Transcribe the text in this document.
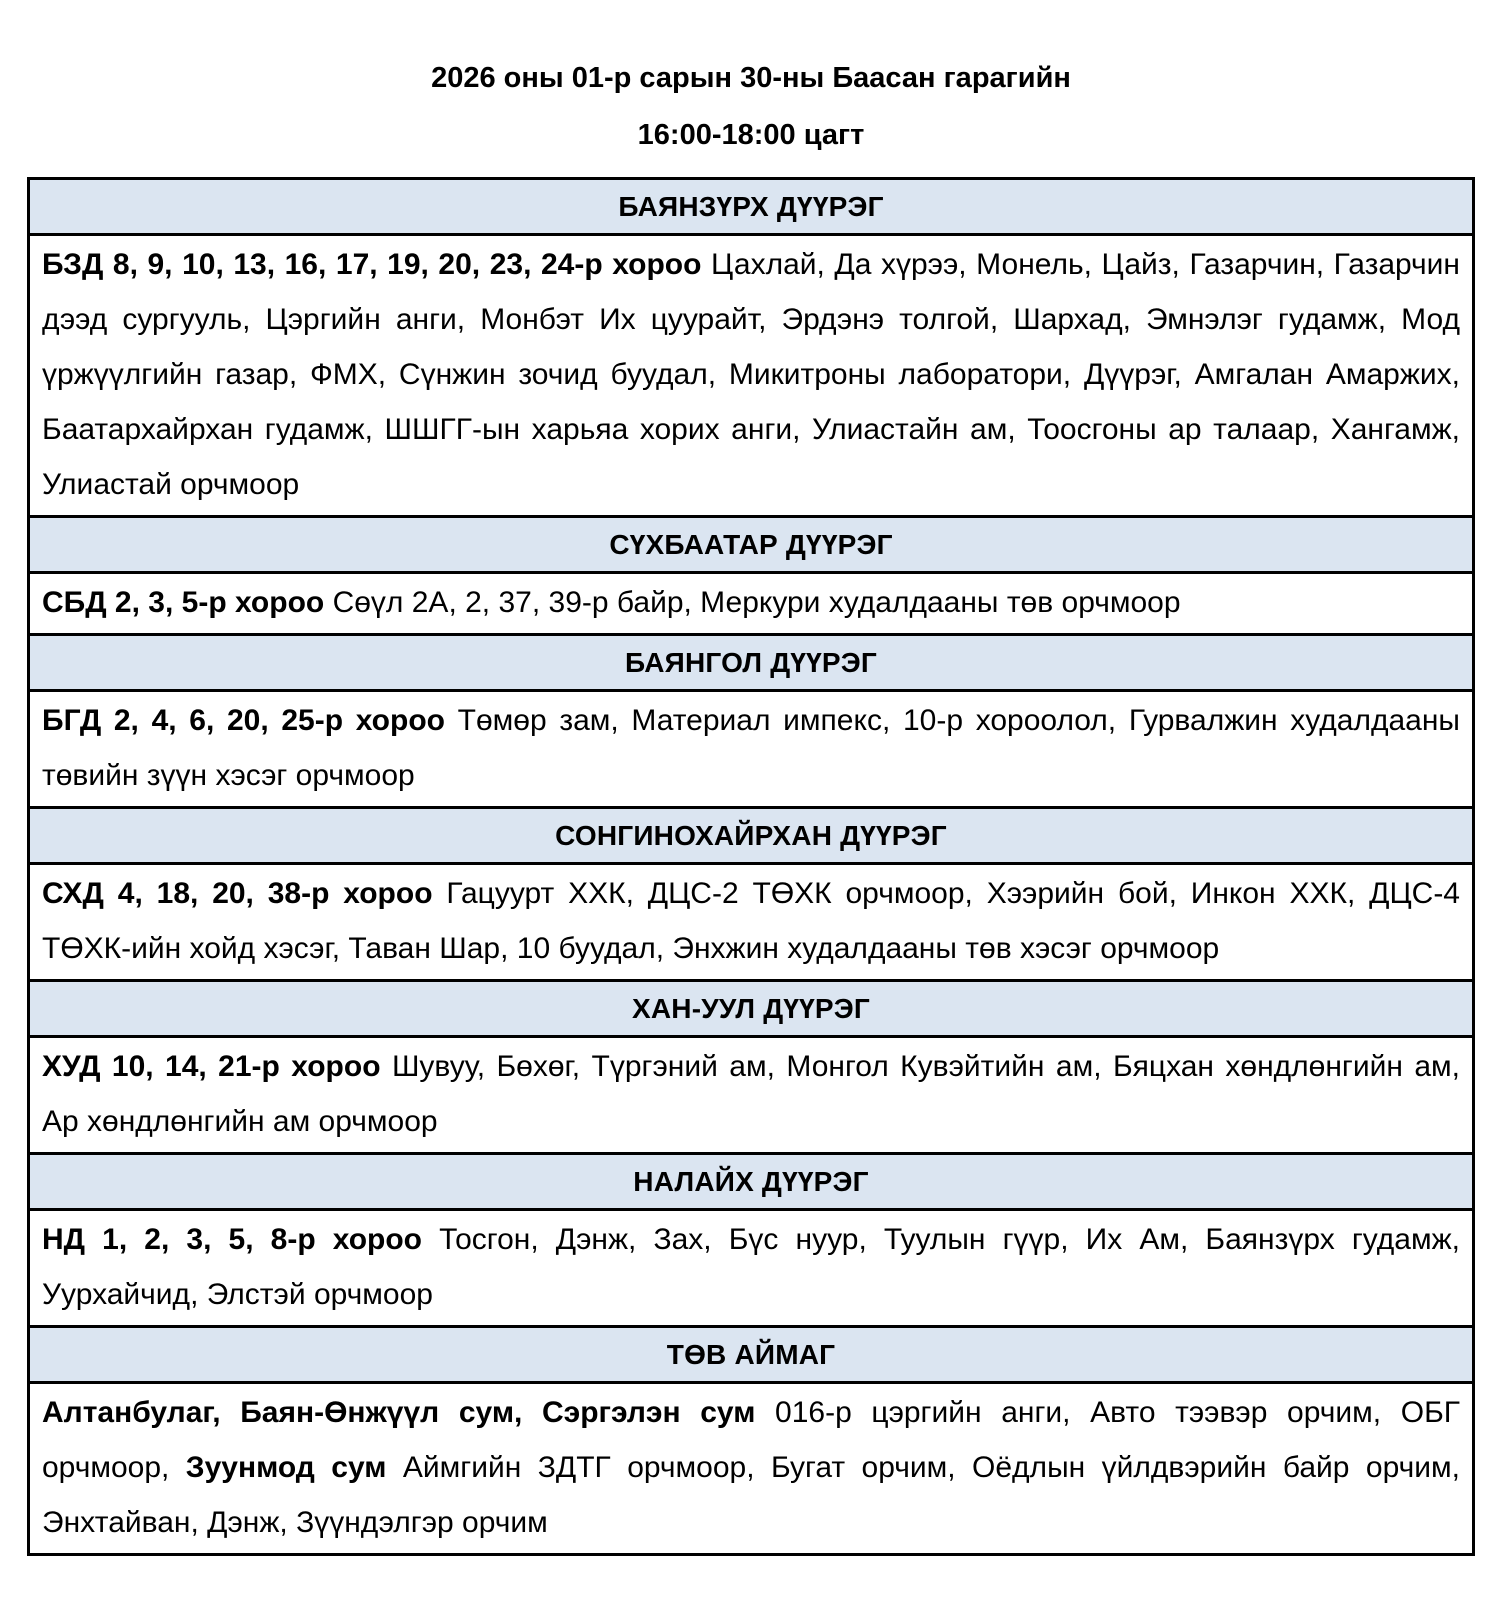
2026 оны 01-р сарын 30-ны Баасан гарагийн
16:00-18:00 цагт
БАЯНЗҮРХ ДҮҮРЭГ
БЗД 8, 9, 10, 13, 16, 17, 19, 20, 23, 24-р хороо Цахлай, Да хүрээ, Монель, Цайз, Газарчин, Газарчин дээд сургууль, Цэргийн анги, Монбэт Их цуурайт, Эрдэнэ толгой, Шархад, Эмнэлэг гудамж, Мод үржүүлгийн газар, ФМХ, Сүнжин зочид буудал, Микитроны лаборатори, Дүүрэг, Амгалан Амаржих, Баатархайрхан гудамж, ШШГГ-ын харьяа хорих анги, Улиастайн ам, Тоосгоны ар талаар, Хангамж, Улиастай орчмоор
СҮХБААТАР ДҮҮРЭГ
СБД 2, 3, 5-р хороо Сөүл 2А, 2, 37, 39-р байр, Меркури худалдааны төв орчмоор
БАЯНГОЛ ДҮҮРЭГ
БГД 2, 4, 6, 20, 25-р хороо Төмөр зам, Материал импекс, 10-р хороолол, Гурвалжин худалдааны төвийн зүүн хэсэг орчмоор
СОНГИНОХАЙРХАН ДҮҮРЭГ
СХД 4, 18, 20, 38-р хороо Гацуурт ХХК, ДЦС-2 ТӨХК орчмоор, Хээрийн бой, Инкон ХХК, ДЦС-4 ТӨХК-ийн хойд хэсэг, Таван Шар, 10 буудал, Энхжин худалдааны төв хэсэг орчмоор
ХАН-УУЛ ДҮҮРЭГ
ХУД 10, 14, 21-р хороо Шувуу, Бөхөг, Түргэний ам, Монгол Кувэйтийн ам, Бяцхан хөндлөнгийн ам, Ар хөндлөнгийн ам орчмоор
НАЛАЙХ ДҮҮРЭГ
НД 1, 2, 3, 5, 8-р хороо Тосгон, Дэнж, Зах, Бүс нуур, Туулын гүүр, Их Ам, Баянзүрх гудамж, Уурхайчид, Элстэй орчмоор
ТӨВ АЙМАГ
Алтанбулаг, Баян-Өнжүүл сум, Сэргэлэн сум 016-р цэргийн анги, Авто тээвэр орчим, ОБГ орчмоор, Зуунмод сум Аймгийн ЗДТГ орчмоор, Бугат орчим, Оёдлын үйлдвэрийн байр орчим, Энхтайван, Дэнж, Зүүндэлгэр орчим
